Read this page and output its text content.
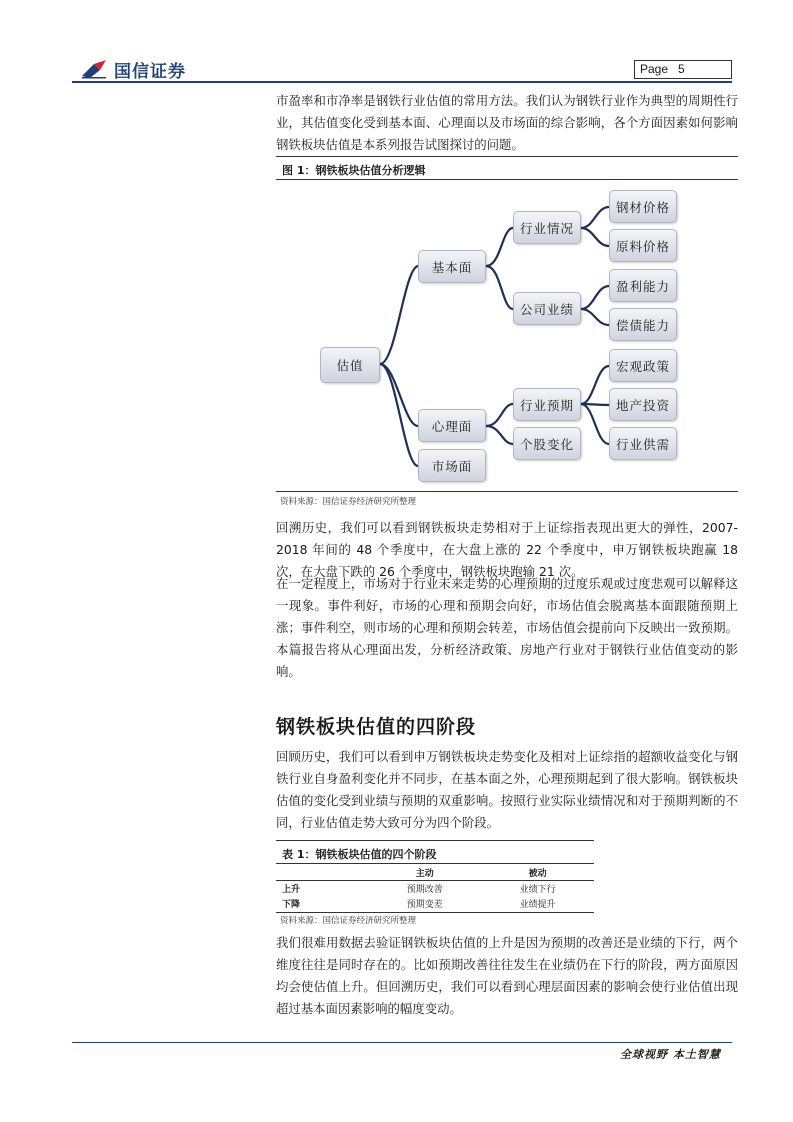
国信证券	Page 5

市盈率和市净率是钢铁行业估值的常用方法。我们认为钢铁行业作为典型的周期性行业，其估值变化受到基本面、心理面以及市场面的综合影响，各个方面因素如何影响钢铁板块估值是本系列报告试图探讨的问题。

图 1：钢铁板块估值分析逻辑
估值
基本面
心理面
市场面
行业情况
公司业绩
行业预期
个股变化
钢材价格
原料价格
盈利能力
偿债能力
宏观政策
地产投资
行业供需
资料来源：国信证券经济研究所整理

回溯历史，我们可以看到钢铁板块走势相对于上证综指表现出更大的弹性，2007-2018 年间的 48 个季度中，在大盘上涨的 22 个季度中，申万钢铁板块跑赢 18 次，在大盘下跌的 26 个季度中，钢铁板块跑输 21 次。

在一定程度上，市场对于行业未来走势的心理预期的过度乐观或过度悲观可以解释这一现象。事件利好，市场的心理和预期会向好，市场估值会脱离基本面跟随预期上涨；事件利空，则市场的心理和预期会转差，市场估值会提前向下反映出一致预期。本篇报告将从心理面出发，分析经济政策、房地产行业对于钢铁行业估值变动的影响。

钢铁板块估值的四阶段

回顾历史，我们可以看到申万钢铁板块走势变化及相对上证综指的超额收益变化与钢铁行业自身盈利变化并不同步，在基本面之外，心理预期起到了很大影响。钢铁板块估值的变化受到业绩与预期的双重影响。按照行业实际业绩情况和对于预期判断的不同，行业估值走势大致可分为四个阶段。

表 1：钢铁板块估值的四个阶段
	主动	被动
上升	预期改善	业绩下行
下降	预期变差	业绩提升
资料来源：国信证券经济研究所整理

我们很难用数据去验证钢铁板块估值的上升是因为预期的改善还是业绩的下行，两个维度往往是同时存在的。比如预期改善往往发生在业绩仍在下行的阶段，两方面原因均会使估值上升。但回溯历史，我们可以看到心理层面因素的影响会使行业估值出现超过基本面因素影响的幅度变动。

全球视野 本土智慧
